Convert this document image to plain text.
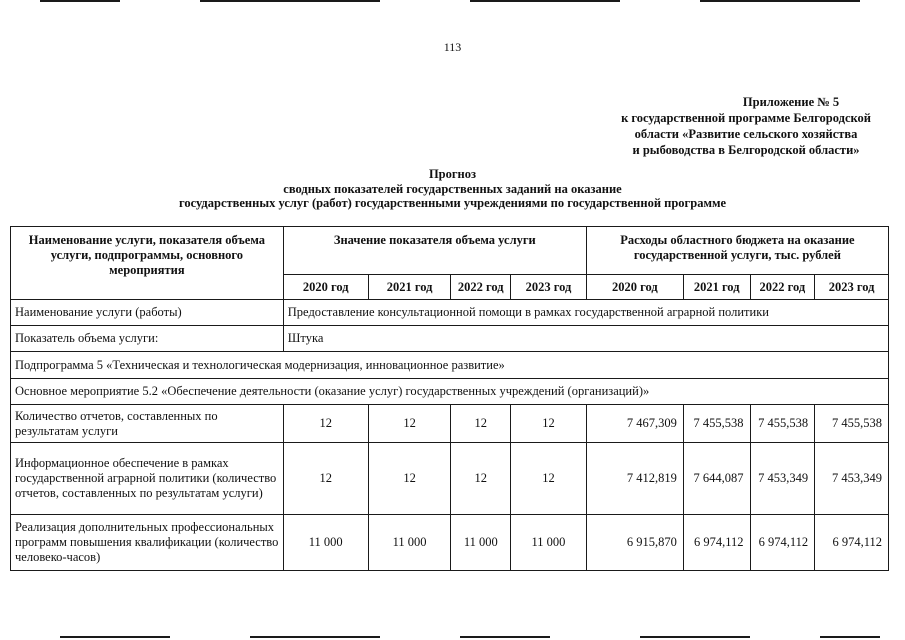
113
Приложение № 5
к государственной программе Белгородской
области «Развитие сельского хозяйства
и рыбоводства в Белгородской области»
Прогноз
сводных показателей государственных заданий на оказание
государственных услуг (работ) государственными учреждениями по государственной программе
Наименование услуги, показателя объема услуги, подпрограммы, основного мероприятия	Значение показателя объема услуги				Расходы областного бюджета на оказание государственной услуги, тыс. рублей			
	2020 год	2021 год	2022 год	2023 год	2020 год	2021 год	2022 год	2023 год
Наименование услуги (работы)	Предоставление консультационной помощи в рамках государственной аграрной политики							
Показатель объема услуги:	Штука							
Подпрограмма 5 «Техническая и технологическая модернизация, инновационное развитие»								
Основное мероприятие 5.2 «Обеспечение деятельности (оказание услуг) государственных учреждений (организаций)»								
Количество отчетов, составленных по результатам услуги	12	12	12	12	7 467,309	7 455,538	7 455,538	7 455,538
Информационное обеспечение в рамках государственной аграрной политики (количество отчетов, составленных по результатам услуги)	12	12	12	12	7 412,819	7 644,087	7 453,349	7 453,349
Реализация дополнительных профессиональных программ повышения квалификации (количество человеко-часов)	11 000	11 000	11 000	11 000	6 915,870	6 974,112	6 974,112	6 974,112
